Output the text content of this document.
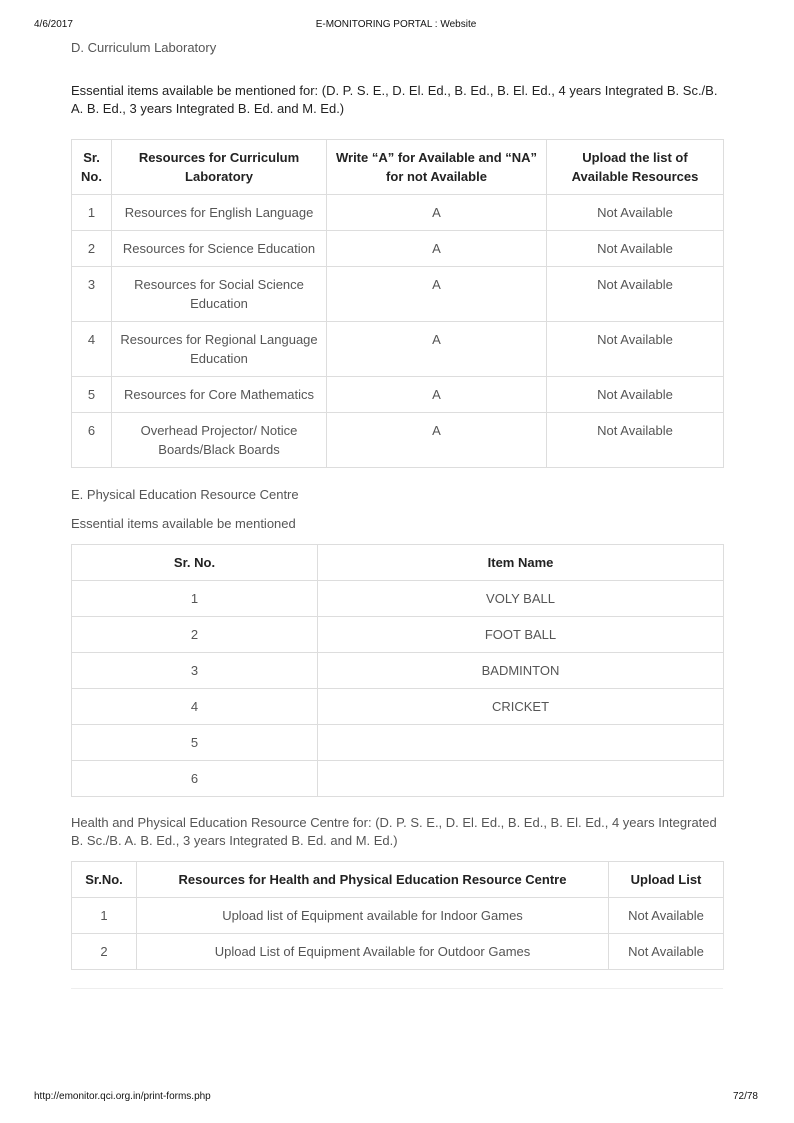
4/6/2017	E-MONITORING PORTAL : Website
D. Curriculum Laboratory
Essential items available be mentioned for: (D. P. S. E., D. El. Ed., B. Ed., B. El. Ed., 4 years Integrated B. Sc./B. A. B. Ed., 3 years Integrated B. Ed. and M. Ed.)
Sr. No.	Resources for Curriculum Laboratory	Write “A” for Available and “NA” for not Available	Upload the list of Available Resources
1	Resources for English Language	A	Not Available
2	Resources for Science Education	A	Not Available
3	Resources for Social Science Education	A	Not Available
4	Resources for Regional Language Education	A	Not Available
5	Resources for Core Mathematics	A	Not Available
6	Overhead Projector/ Notice Boards/Black Boards	A	Not Available
E. Physical Education Resource Centre
Essential items available be mentioned
Sr. No.	Item Name
1	VOLY BALL
2	FOOT BALL
3	BADMINTON
4	CRICKET
5	
6	
Health and Physical Education Resource Centre for: (D. P. S. E., D. El. Ed., B. Ed., B. El. Ed., 4 years Integrated B. Sc./B. A. B. Ed., 3 years Integrated B. Ed. and M. Ed.)
Sr.No.	Resources for Health and Physical Education Resource Centre	Upload List
1	Upload list of Equipment available for Indoor Games	Not Available
2	Upload List of Equipment Available for Outdoor Games	Not Available
http://emonitor.qci.org.in/print-forms.php	72/78
